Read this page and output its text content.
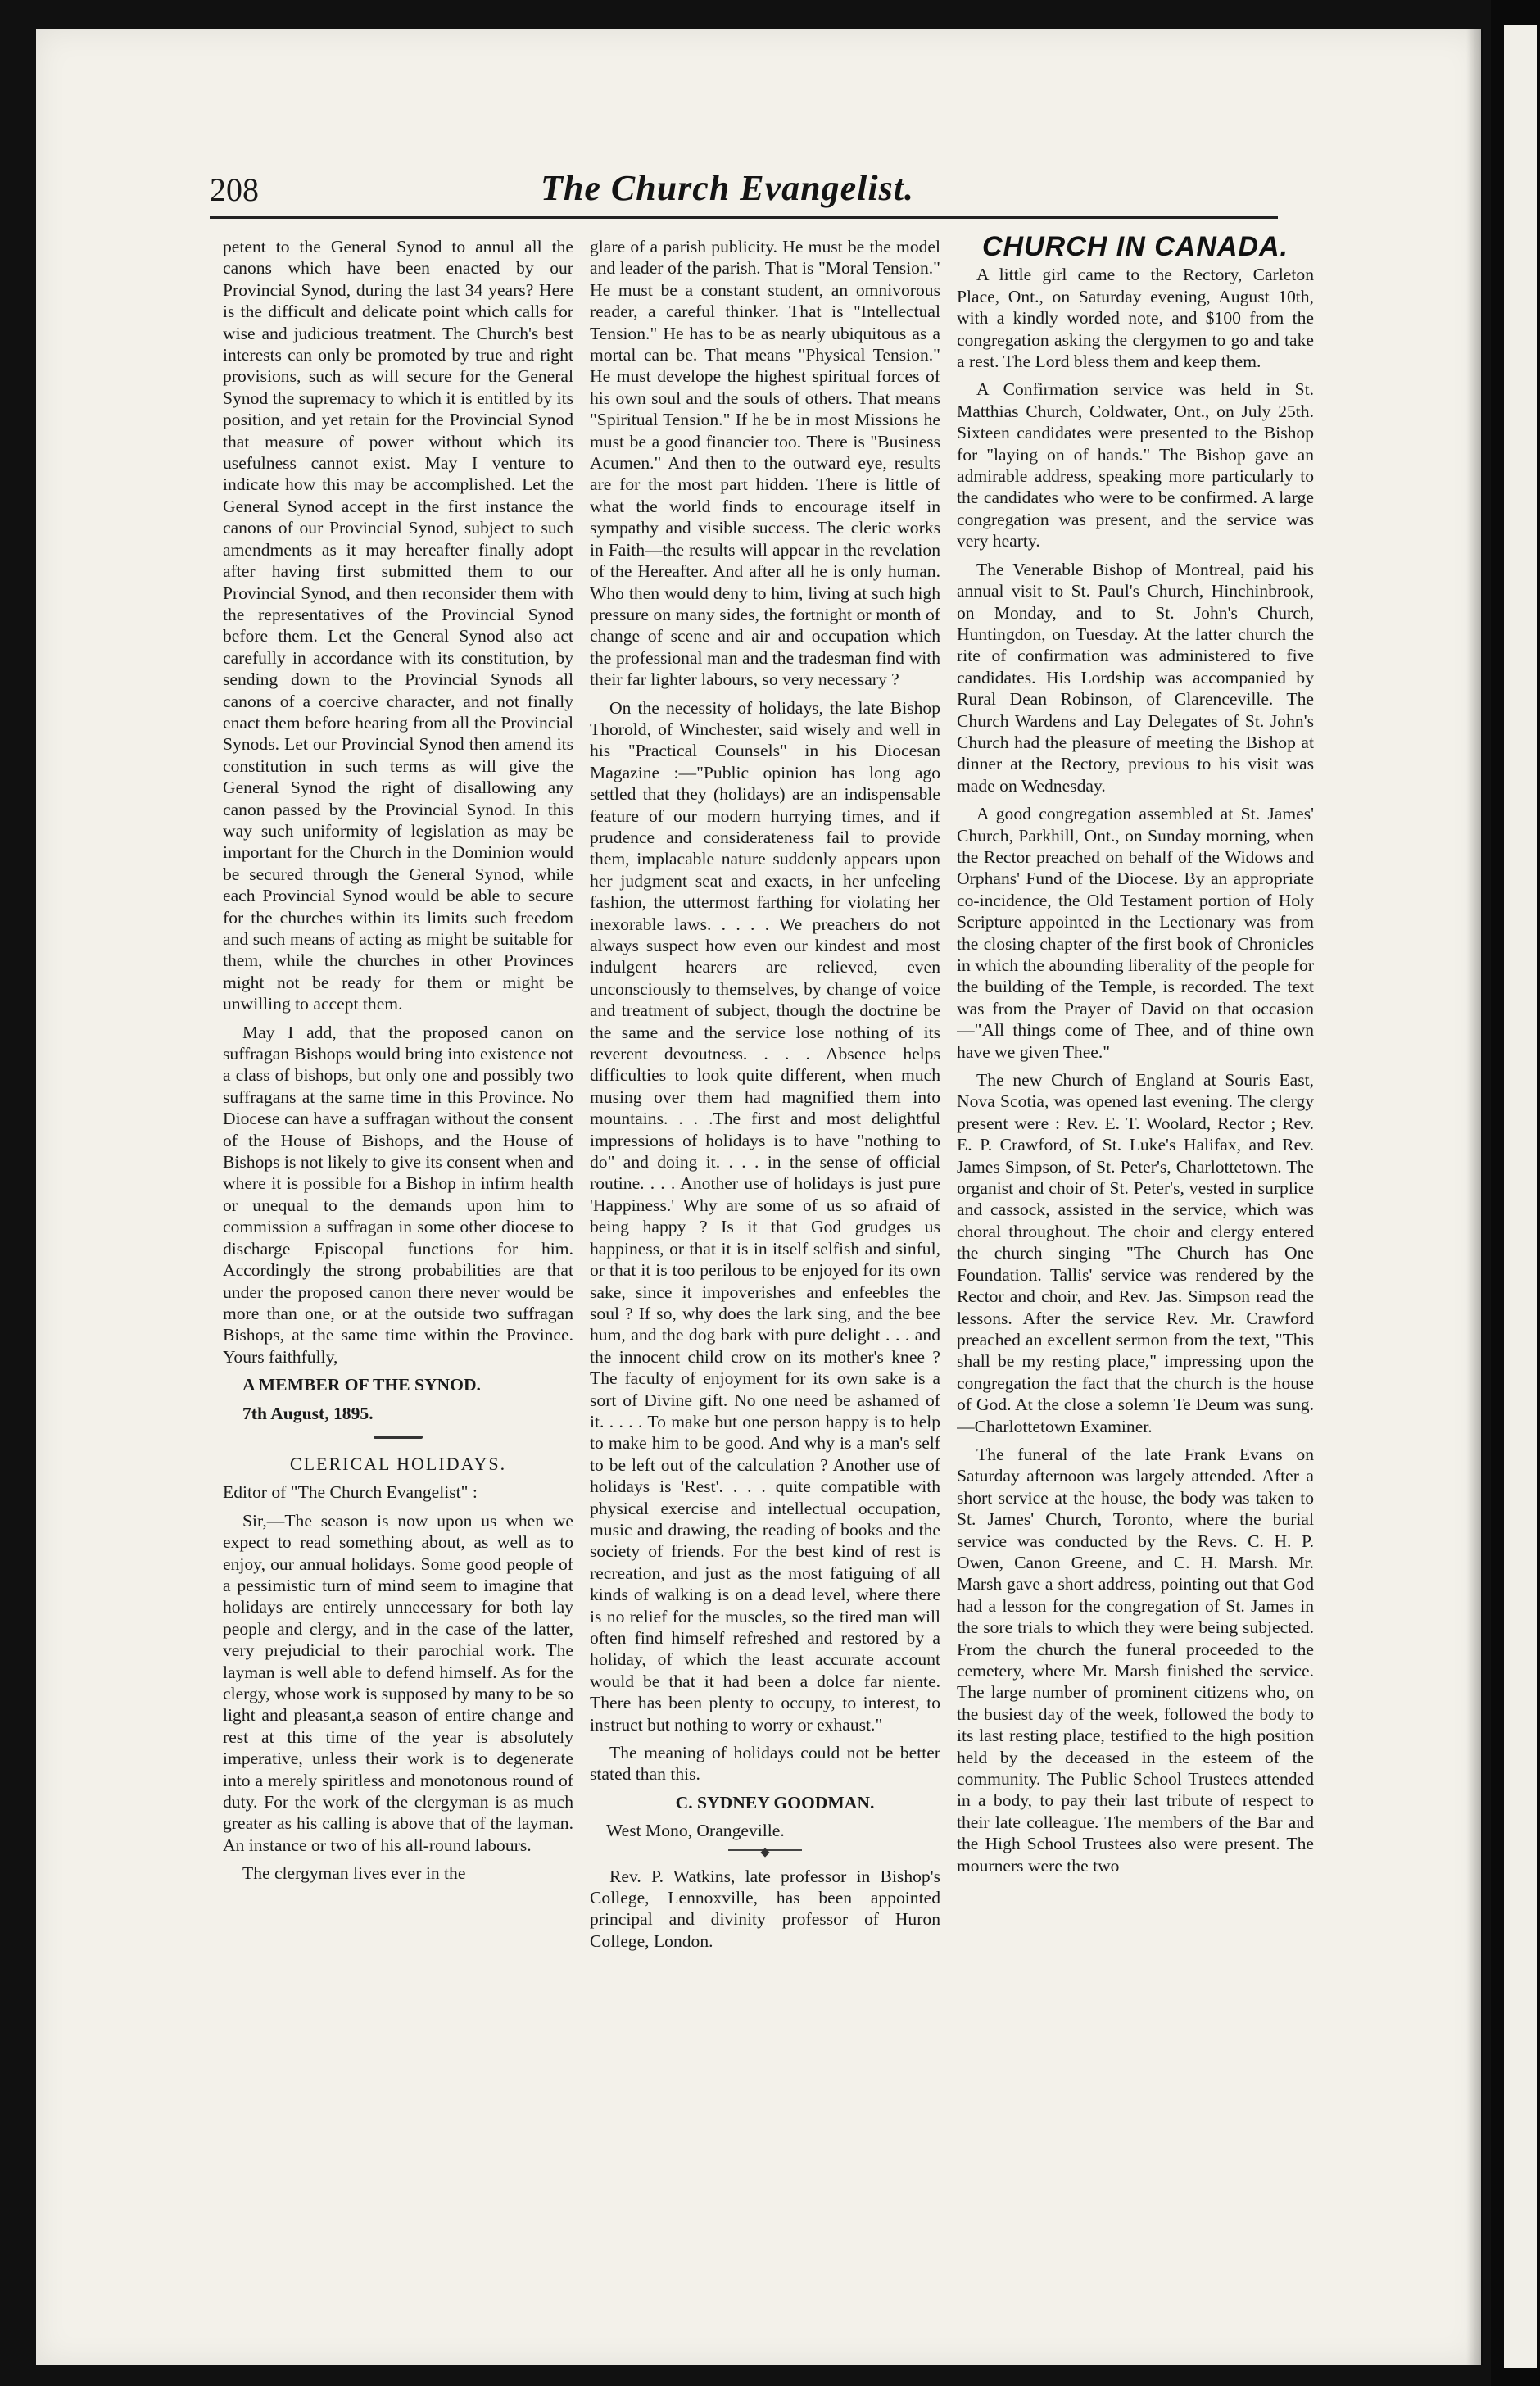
208	The Church Evangelist.

petent to the General Synod to annul all the canons which have been enacted by our Provincial Synod, during the last 34 years? Here is the difficult and delicate point which calls for wise and judicious treatment. The Church's best interests can only be promoted by true and right provisions, such as will secure for the General Synod the supremacy to which it is entitled by its position, and yet retain for the Provincial Synod that measure of power without which its usefulness cannot exist. May I venture to indicate how this may be accomplished. Let the General Synod accept in the first instance the canons of our Provincial Synod, subject to such amendments as it may hereafter finally adopt after having first submitted them to our Provincial Synod, and then reconsider them with the representatives of the Provincial Synod before them. Let the General Synod also act carefully in accordance with its constitution, by sending down to the Provincial Synods all canons of a coercive character, and not finally enact them before hearing from all the Provincial Synods. Let our Provincial Synod then amend its constitution in such terms as will give the General Synod the right of disallowing any canon passed by the Provincial Synod. In this way such uniformity of legislation as may be important for the Church in the Dominion would be secured through the General Synod, while each Provincial Synod would be able to secure for the churches within its limits such freedom and such means of acting as might be suitable for them, while the churches in other Provinces might not be ready for them or might be unwilling to accept them.

May I add, that the proposed canon on suffragan Bishops would bring into existence not a class of bishops, but only one and possibly two suffragans at the same time in this Province. No Diocese can have a suffragan without the consent of the House of Bishops, and the House of Bishops is not likely to give its consent when and where it is possible for a Bishop in infirm health or unequal to the demands upon him to commission a suffragan in some other diocese to discharge Episcopal functions for him. Accordingly the strong probabilities are that under the proposed canon there never would be more than one, or at the outside two suffragan Bishops, at the same time within the Province. Yours faithfully,

A MEMBER OF THE SYNOD.

7th August, 1895.

CLERICAL HOLIDAYS.

Editor of "The Church Evangelist" :

Sir,—The season is now upon us when we expect to read something about, as well as to enjoy, our annual holidays. Some good people of a pessimistic turn of mind seem to imagine that holidays are entirely unnecessary for both lay people and clergy, and in the case of the latter, very prejudicial to their parochial work. The layman is well able to defend himself. As for the clergy, whose work is supposed by many to be so light and pleasant,a season of entire change and rest at this time of the year is absolutely imperative, unless their work is to degenerate into a merely spiritless and monotonous round of duty. For the work of the clergyman is as much greater as his calling is above that of the layman. An instance or two of his all-round labours.

The clergyman lives ever in the

glare of a parish publicity. He must be the model and leader of the parish. That is "Moral Tension." He must be a constant student, an omnivorous reader, a careful thinker. That is "Intellectual Tension." He has to be as nearly ubiquitous as a mortal can be. That means "Physical Tension." He must develope the highest spiritual forces of his own soul and the souls of others. That means "Spiritual Tension." If he be in most Missions he must be a good financier too. There is "Business Acumen." And then to the outward eye, results are for the most part hidden. There is little of what the world finds to encourage itself in sympathy and visible success. The cleric works in Faith—the results will appear in the revelation of the Hereafter. And after all he is only human. Who then would deny to him, living at such high pressure on many sides, the fortnight or month of change of scene and air and occupation which the professional man and the tradesman find with their far lighter labours, so very necessary ?

On the necessity of holidays, the late Bishop Thorold, of Winchester, said wisely and well in his "Practical Counsels" in his Diocesan Magazine :—"Public opinion has long ago settled that they (holidays) are an indispensable feature of our modern hurrying times, and if prudence and considerateness fail to provide them, implacable nature suddenly appears upon her judgment seat and exacts, in her unfeeling fashion, the uttermost farthing for violating her inexorable laws. . . . . We preachers do not always suspect how even our kindest and most indulgent hearers are relieved, even unconsciously to themselves, by change of voice and treatment of subject, though the doctrine be the same and the service lose nothing of its reverent devoutness. . . . Absence helps difficulties to look quite different, when much musing over them had magnified them into mountains. . . .The first and most delightful impressions of holidays is to have "nothing to do" and doing it. . . . in the sense of official routine. . . . Another use of holidays is just pure 'Happiness.' Why are some of us so afraid of being happy ? Is it that God grudges us happiness, or that it is in itself selfish and sinful, or that it is too perilous to be enjoyed for its own sake, since it impoverishes and enfeebles the soul ? If so, why does the lark sing, and the bee hum, and the dog bark with pure delight . . . and the innocent child crow on its mother's knee ? The faculty of enjoyment for its own sake is a sort of Divine gift. No one need be ashamed of it. . . . . To make but one person happy is to help to make him to be good. And why is a man's self to be left out of the calculation ? Another use of holidays is 'Rest'. . . . quite compatible with physical exercise and intellectual occupation, music and drawing, the reading of books and the society of friends. For the best kind of rest is recreation, and just as the most fatiguing of all kinds of walking is on a dead level, where there is no relief for the muscles, so the tired man will often find himself refreshed and restored by a holiday, of which the least accurate account would be that it had been a dolce far niente. There has been plenty to occupy, to interest, to instruct but nothing to worry or exhaust."

The meaning of holidays could not be better stated than this.

C. SYDNEY GOODMAN.

West Mono, Orangeville.

Rev. P. Watkins, late professor in Bishop's College, Lennoxville, has been appointed principal and divinity professor of Huron College, London.

CHURCH IN CANADA.

A little girl came to the Rectory, Carleton Place, Ont., on Saturday evening, August 10th, with a kindly worded note, and $100 from the congregation asking the clergymen to go and take a rest. The Lord bless them and keep them.

A Confirmation service was held in St. Matthias Church, Coldwater, Ont., on July 25th. Sixteen candidates were presented to the Bishop for "laying on of hands." The Bishop gave an admirable address, speaking more particularly to the candidates who were to be confirmed. A large congregation was present, and the service was very hearty.

The Venerable Bishop of Montreal, paid his annual visit to St. Paul's Church, Hinchinbrook, on Monday, and to St. John's Church, Huntingdon, on Tuesday. At the latter church the rite of confirmation was administered to five candidates. His Lordship was accompanied by Rural Dean Robinson, of Clarenceville. The Church Wardens and Lay Delegates of St. John's Church had the pleasure of meeting the Bishop at dinner at the Rectory, previous to his visit was made on Wednesday.

A good congregation assembled at St. James' Church, Parkhill, Ont., on Sunday morning, when the Rector preached on behalf of the Widows and Orphans' Fund of the Diocese. By an appropriate co-incidence, the Old Testament portion of Holy Scripture appointed in the Lectionary was from the closing chapter of the first book of Chronicles in which the abounding liberality of the people for the building of the Temple, is recorded. The text was from the Prayer of David on that occasion—"All things come of Thee, and of thine own have we given Thee."

The new Church of England at Souris East, Nova Scotia, was opened last evening. The clergy present were : Rev. E. T. Woolard, Rector ; Rev. E. P. Crawford, of St. Luke's Halifax, and Rev. James Simpson, of St. Peter's, Charlottetown. The organist and choir of St. Peter's, vested in surplice and cassock, assisted in the service, which was choral throughout. The choir and clergy entered the church singing "The Church has One Foundation. Tallis' service was rendered by the Rector and choir, and Rev. Jas. Simpson read the lessons. After the service Rev. Mr. Crawford preached an excellent sermon from the text, "This shall be my resting place," impressing upon the congregation the fact that the church is the house of God. At the close a solemn Te Deum was sung.—Charlottetown Examiner.

The funeral of the late Frank Evans on Saturday afternoon was largely attended. After a short service at the house, the body was taken to St. James' Church, Toronto, where the burial service was conducted by the Revs. C. H. P. Owen, Canon Greene, and C. H. Marsh. Mr. Marsh gave a short address, pointing out that God had a lesson for the congregation of St. James in the sore trials to which they were being subjected. From the church the funeral proceeded to the cemetery, where Mr. Marsh finished the service. The large number of prominent citizens who, on the busiest day of the week, followed the body to its last resting place, testified to the high position held by the deceased in the esteem of the community. The Public School Trustees attended in a body, to pay their last tribute of respect to their late colleague. The members of the Bar and the High School Trustees also were present. The mourners were the two
